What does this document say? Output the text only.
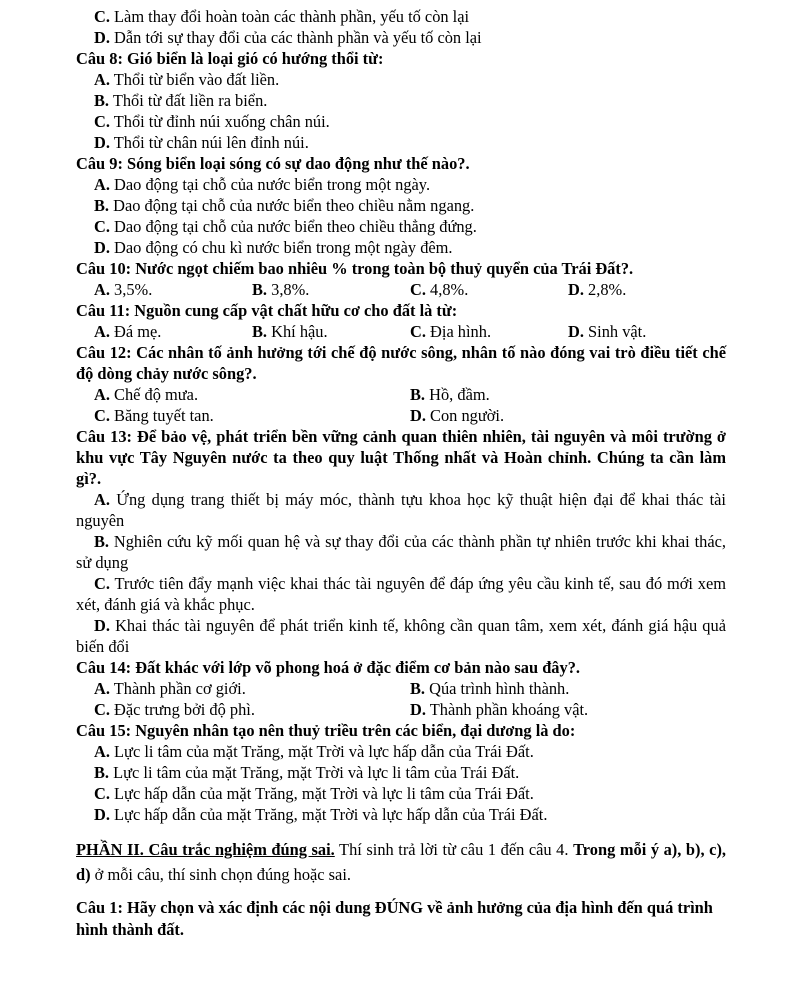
C. Làm thay đổi hoàn toàn các thành phần, yếu tố còn lại
D. Dẫn tới sự thay đổi của các thành phần và yếu tố còn lại
Câu 8: Gió biển là loại gió có hướng thổi từ:
A. Thổi từ biển vào đất liền.
B. Thổi từ đất liền ra biển.
C. Thổi từ đỉnh núi xuống chân núi.
D. Thổi từ chân núi lên đỉnh núi.
Câu 9: Sóng biển loại sóng có sự dao động như thế nào?.
A. Dao động tại chỗ của nước biển trong một ngày.
B. Dao động tại chỗ của nước biển theo chiều nằm ngang.
C. Dao động tại chỗ của nước biển theo chiều thẳng đứng.
D. Dao động có chu kì nước biển trong một ngày đêm.
Câu 10: Nước ngọt chiếm bao nhiêu % trong toàn bộ thuỷ quyển của Trái Đất?.
A. 3,5%.	B. 3,8%.	C. 4,8%.	D. 2,8%.
Câu 11: Nguồn cung cấp vật chất hữu cơ cho đất là từ:
A. Đá mẹ.	B. Khí hậu.	C. Địa hình.	D. Sinh vật.
Câu 12: Các nhân tố ảnh hưởng tới chế độ nước sông, nhân tố nào đóng vai trò điều tiết chế độ dòng chảy nước sông?.
A. Chế độ mưa.	B. Hồ, đầm.
C. Băng tuyết tan.	D. Con người.
Câu 13: Để bảo vệ, phát triển bền vững cảnh quan thiên nhiên, tài nguyên và môi trường ở khu vực Tây Nguyên nước ta theo quy luật Thống nhất và Hoàn chỉnh. Chúng ta cần làm gì?.
A. Ứng dụng trang thiết bị máy móc, thành tựu khoa học kỹ thuật hiện đại để khai thác tài nguyên
B. Nghiên cứu kỹ mối quan hệ và sự thay đổi của các thành phần tự nhiên trước khi khai thác, sử dụng
C. Trước tiên đẩy mạnh việc khai thác tài nguyên để đáp ứng yêu cầu kinh tế, sau đó mới xem xét, đánh giá và khắc phục.
D. Khai thác tài nguyên để phát triển kinh tế, không cần quan tâm, xem xét, đánh giá hậu quả biến đổi
Câu 14: Đất khác với lớp võ phong hoá ở đặc điểm cơ bản nào sau đây?.
A. Thành phần cơ giới.	B. Qúa trình hình thành.
C. Đặc trưng bởi độ phì.	D. Thành phần khoáng vật.
Câu 15: Nguyên nhân tạo nên thuỷ triều trên các biển, đại dương là do:
A. Lực li tâm của mặt Trăng, mặt Trời và lực hấp dẫn của Trái Đất.
B. Lực li tâm của mặt Trăng, mặt Trời và lực li tâm của Trái Đất.
C. Lực hấp dẫn của mặt Trăng, mặt Trời và lực li tâm của Trái Đất.
D. Lực hấp dẫn của mặt Trăng, mặt Trời và lực hấp dẫn của Trái Đất.
PHẦN II. Câu trắc nghiệm đúng sai. Thí sinh trả lời từ câu 1 đến câu 4. Trong mỗi ý a), b), c), d) ở mỗi câu, thí sinh chọn đúng hoặc sai.
Câu 1: Hãy chọn và xác định các nội dung ĐÚNG về ảnh hưởng của địa hình đến quá trình hình thành đất.
